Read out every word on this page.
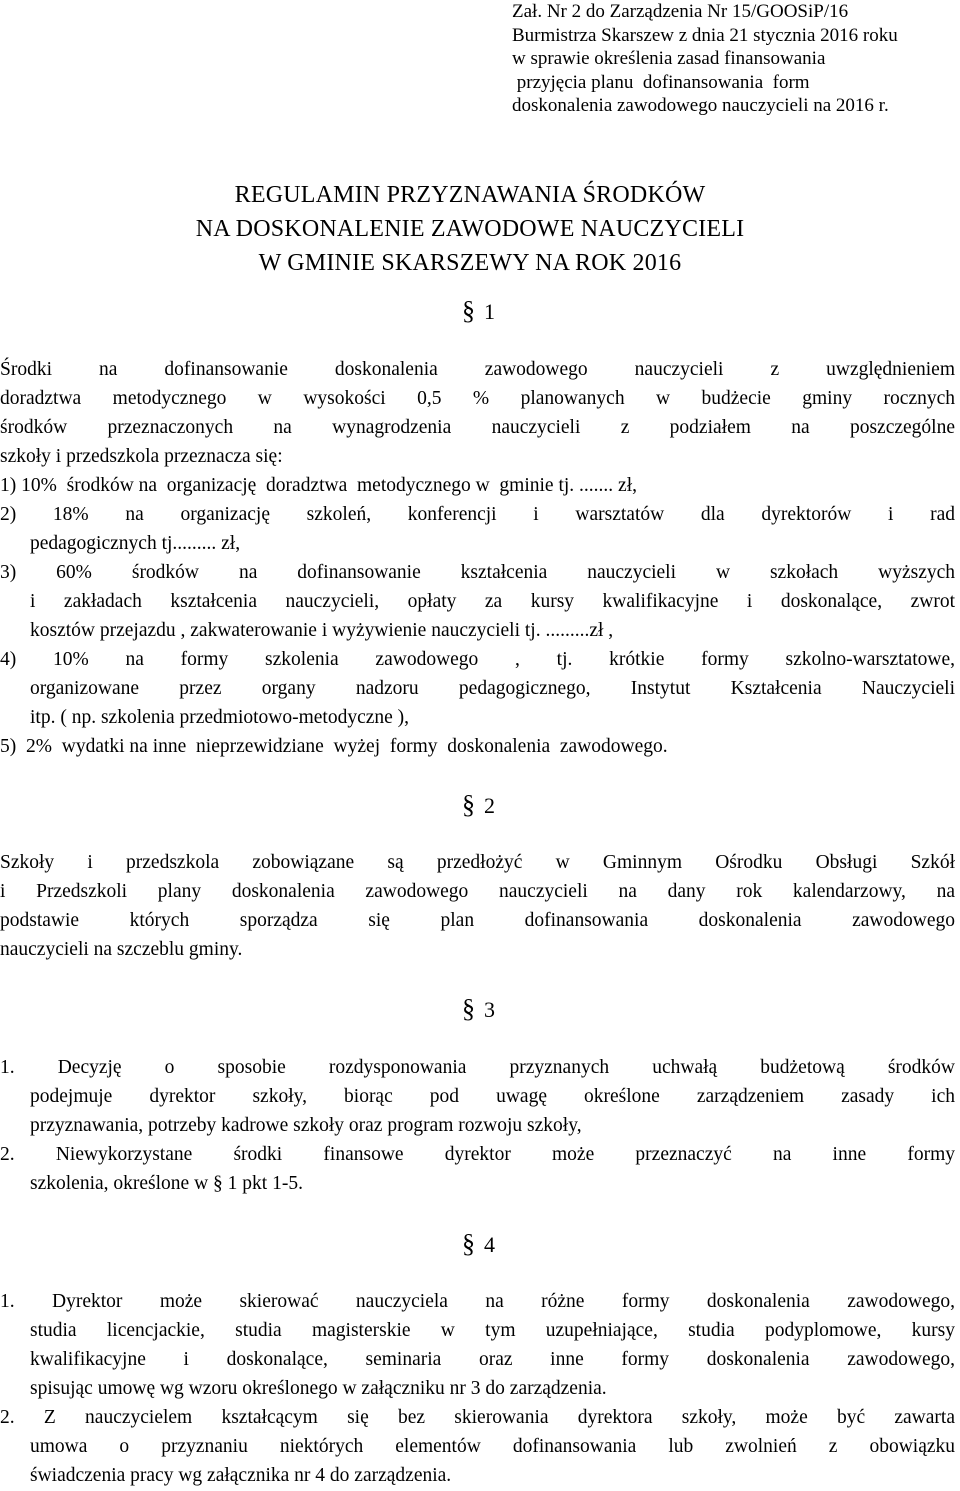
Zał. Nr 2 do Zarządzenia Nr 15/GOOSiP/16
Burmistrza Skarszew z dnia 21 stycznia 2016 roku
w sprawie określenia zasad finansowania
przyjęcia planu  dofinansowania  form
doskonalenia zawodowego nauczycieli na 2016 r.
REGULAMIN PRZYZNAWANIA ŚRODKÓW
NA DOSKONALENIE ZAWODOWE NAUCZYCIELI
W GMINIE SKARSZEWY NA ROK 2016
§ 1
Środki na dofinansowanie doskonalenia zawodowego nauczycieli z uwzględnieniem
doradztwa metodycznego w wysokości 0,5 % planowanych w budżecie gminy rocznych
środków przeznaczonych na wynagrodzenia nauczycieli z podziałem na poszczególne
szkoły i przedszkola przeznacza się:
1) 10%  środków na  organizację  doradztwa  metodycznego w  gminie tj. ....... zł,
2) 18% na organizację szkoleń, konferencji i warsztatów dla dyrektorów i rad
pedagogicznych tj......... zł,
3) 60% środków na dofinansowanie kształcenia nauczycieli w szkołach wyższych
i zakładach kształcenia nauczycieli, opłaty za kursy kwalifikacyjne i doskonalące, zwrot
kosztów przejazdu , zakwaterowanie i wyżywienie nauczycieli tj. .........zł ,
4) 10% na formy szkolenia zawodowego , tj. krótkie formy szkolno-warsztatowe,
organizowane przez organy nadzoru pedagogicznego, Instytut Kształcenia Nauczycieli
itp. ( np. szkolenia przedmiotowo-metodyczne ),
5)  2%  wydatki na inne  nieprzewidziane  wyżej  formy  doskonalenia  zawodowego.
§ 2
Szkoły i przedszkola zobowiązane są przedłożyć w Gminnym Ośrodku Obsługi Szkół
i Przedszkoli plany doskonalenia zawodowego nauczycieli na dany rok kalendarzowy, na
podstawie których sporządza się plan dofinansowania doskonalenia zawodowego
nauczycieli na szczeblu gminy.
§ 3
1. Decyzję o sposobie rozdysponowania przyznanych uchwałą budżetową środków
podejmuje dyrektor szkoły, biorąc pod uwagę określone zarządzeniem zasady ich
przyznawania, potrzeby kadrowe szkoły oraz program rozwoju szkoły,
2. Niewykorzystane środki finansowe dyrektor może przeznaczyć na inne formy
szkolenia, określone w § 1 pkt 1-5.
§ 4
1. Dyrektor może skierować nauczyciela na różne formy doskonalenia zawodowego,
studia licencjackie, studia magisterskie w tym uzupełniające, studia podyplomowe, kursy
kwalifikacyjne i doskonalące, seminaria oraz inne formy doskonalenia zawodowego,
spisując umowę wg wzoru określonego w załączniku nr 3 do zarządzenia.
2. Z nauczycielem kształcącym się bez skierowania dyrektora szkoły, może być zawarta
umowa o przyznaniu niektórych elementów dofinansowania lub zwolnień z obowiązku
świadczenia pracy wg załącznika nr 4 do zarządzenia.
